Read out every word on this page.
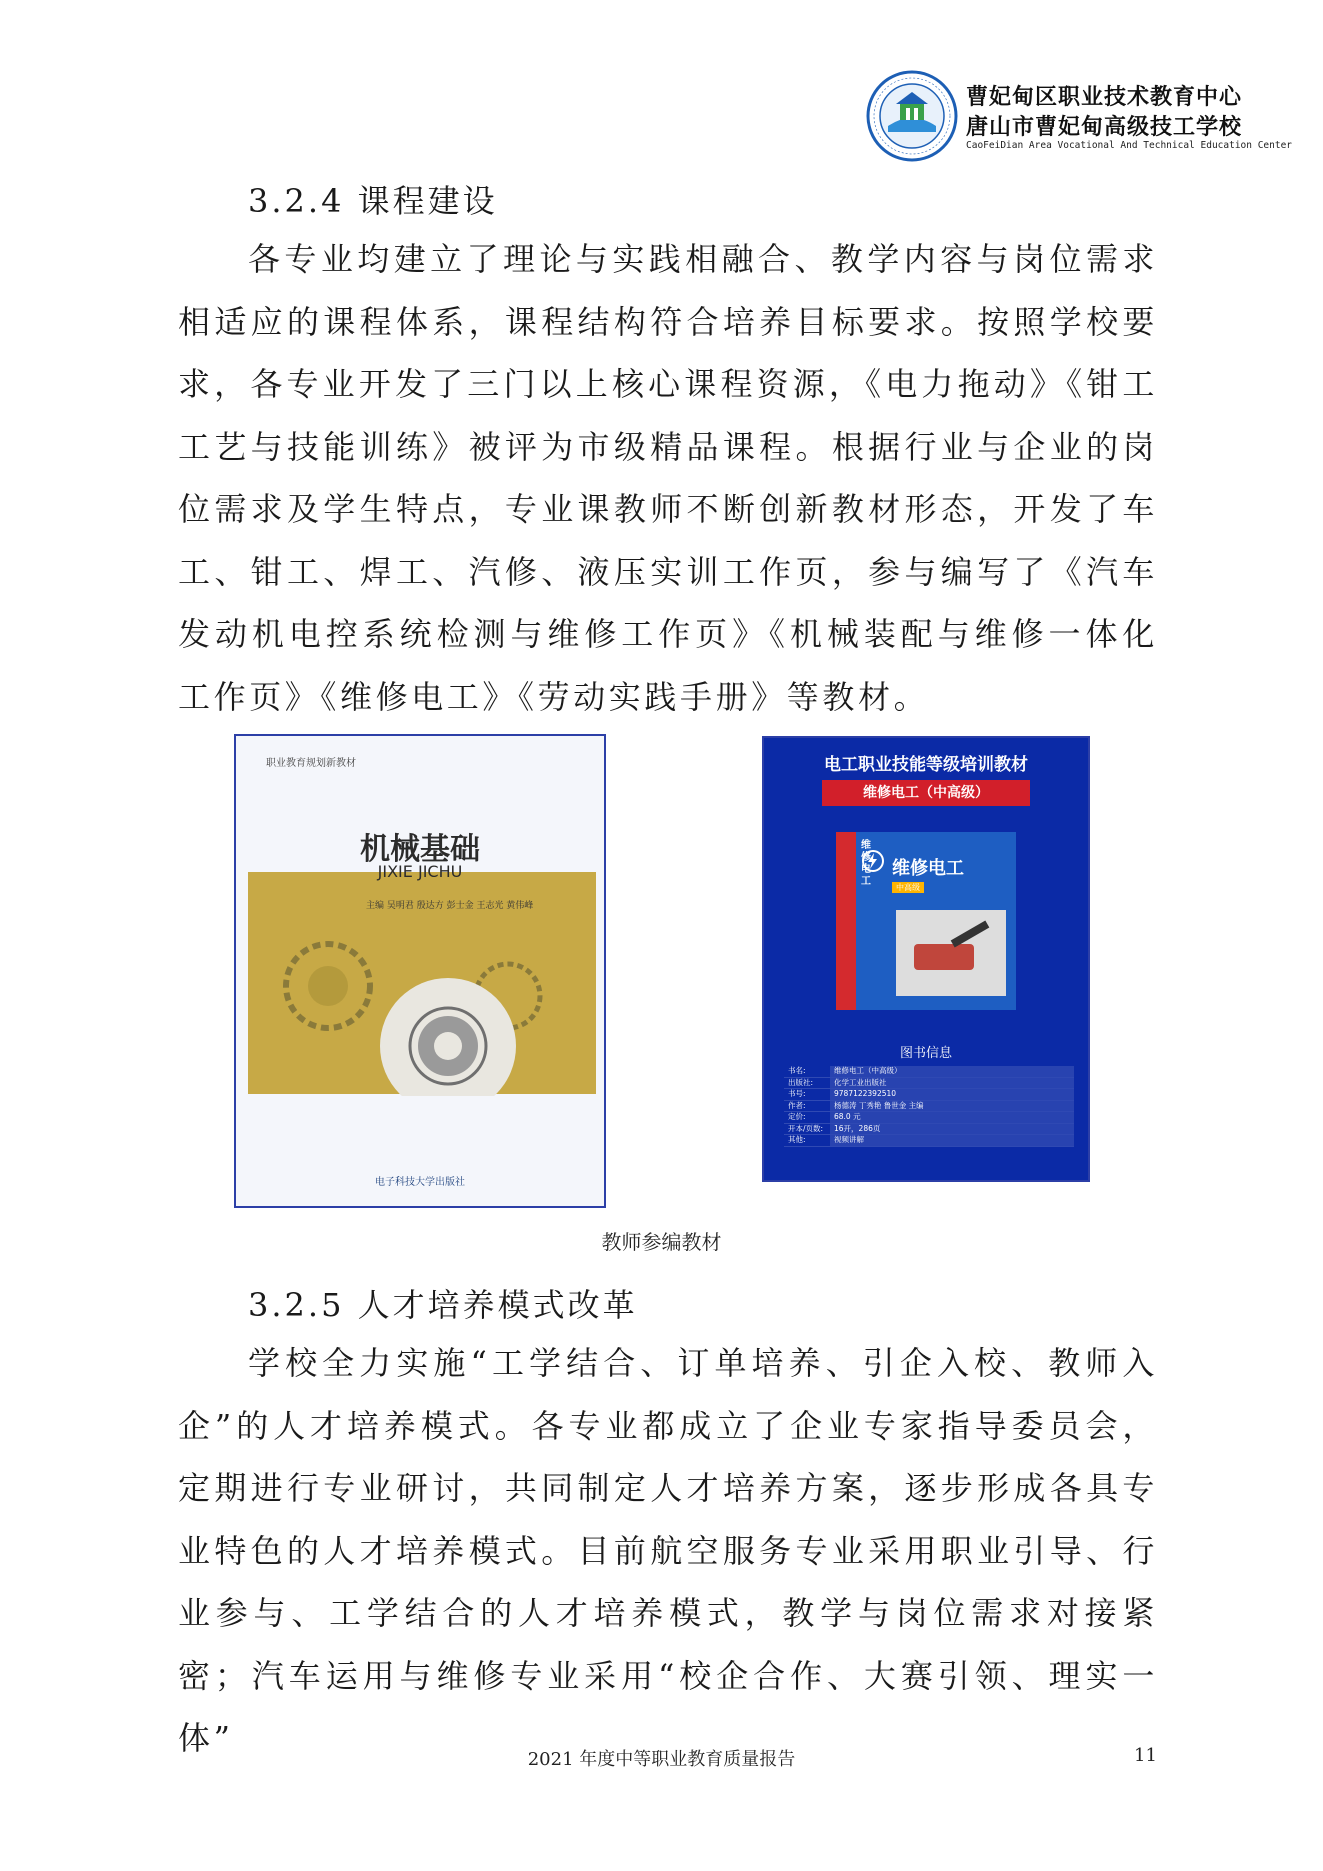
曹妃甸区职业技术教育中心
唐山市曹妃甸高级技工学校
CaoFeiDian Area Vocational And Technical Education Center
3.2.4 课程建设

各专业均建立了理论与实践相融合、教学内容与岗位需求相适应的课程体系，课程结构符合培养目标要求。按照学校要求，各专业开发了三门以上核心课程资源，《电力拖动》《钳工工艺与技能训练》被评为市级精品课程。根据行业与企业的岗位需求及学生特点，专业课教师不断创新教材形态，开发了车工、钳工、焊工、汽修、液压实训工作页，参与编写了《汽车发动机电控系统检测与维修工作页》《机械装配与维修一体化工作页》《维修电工》《劳动实践手册》等教材。

职业教育规划新教材
机械基础
JIXIE JICHU
主编 吴明君 殷达方 彭士金 王志光 黄伟峰
电子科技大学出版社
电工职业技能等级培训教材
维修电工（中高级）
维修电工
维修电工
中高级
图书信息
书名:	维修电工（中高级）
出版社:	化学工业出版社
书号:	9787122392510
作者:	杨德涛 丁秀艳 鲁世金 主编
定价:	68.0 元
开本/页数:	16开，286页
其他:	视频讲解
教师参编教材
3.2.5 人才培养模式改革

学校全力实施“工学结合、订单培养、引企入校、教师入企”的人才培养模式。各专业都成立了企业专家指导委员会，定期进行专业研讨，共同制定人才培养方案，逐步形成各具专业特色的人才培养模式。目前航空服务专业采用职业引导、行业参与、工学结合的人才培养模式，教学与岗位需求对接紧密；汽车运用与维修专业采用“校企合作、大赛引领、理实一体”

2021 年度中等职业教育质量报告	11
